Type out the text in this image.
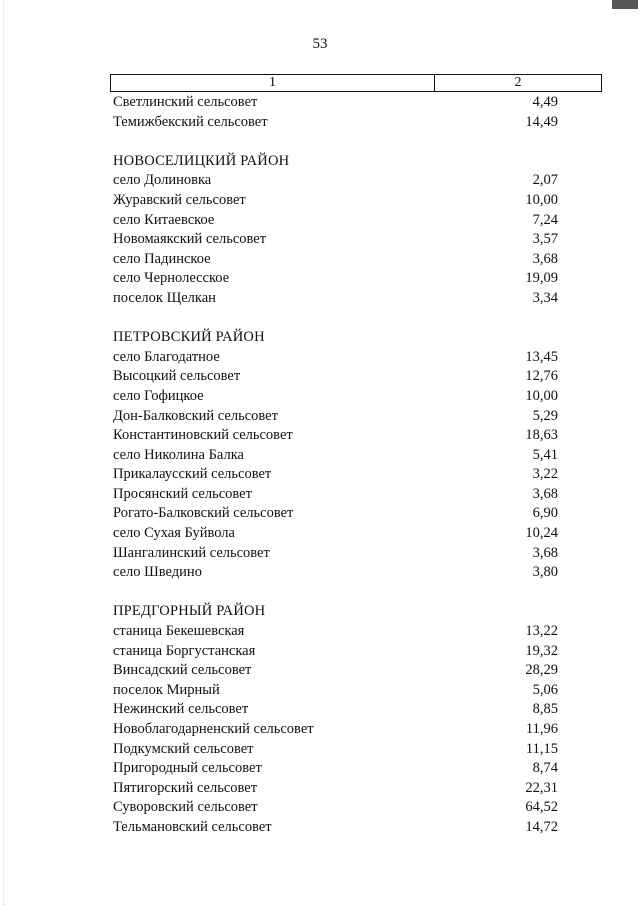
53
1	2
Светлинский сельсовет	4,49
Темижбекский сельсовет	14,49
НОВОСЕЛИЦКИЙ РАЙОН
село Долиновка	2,07
Журавский сельсовет	10,00
село Китаевское	7,24
Новомаякский сельсовет	3,57
село Падинское	3,68
село Чернолесское	19,09
поселок Щелкан	3,34
ПЕТРОВСКИЙ РАЙОН
село Благодатное	13,45
Высоцкий сельсовет	12,76
село Гофицкое	10,00
Дон-Балковский сельсовет	5,29
Константиновский сельсовет	18,63
село Николина Балка	5,41
Прикалаусский сельсовет	3,22
Просянский сельсовет	3,68
Рогато-Балковский сельсовет	6,90
село Сухая Буйвола	10,24
Шангалинский сельсовет	3,68
село Шведино	3,80
ПРЕДГОРНЫЙ РАЙОН
станица Бекешевская	13,22
станица Боргустанская	19,32
Винсадский сельсовет	28,29
поселок Мирный	5,06
Нежинский сельсовет	8,85
Новоблагодарненский сельсовет	11,96
Подкумский сельсовет	11,15
Пригородный сельсовет	8,74
Пятигорский сельсовет	22,31
Суворовский сельсовет	64,52
Тельмановский сельсовет	14,72
